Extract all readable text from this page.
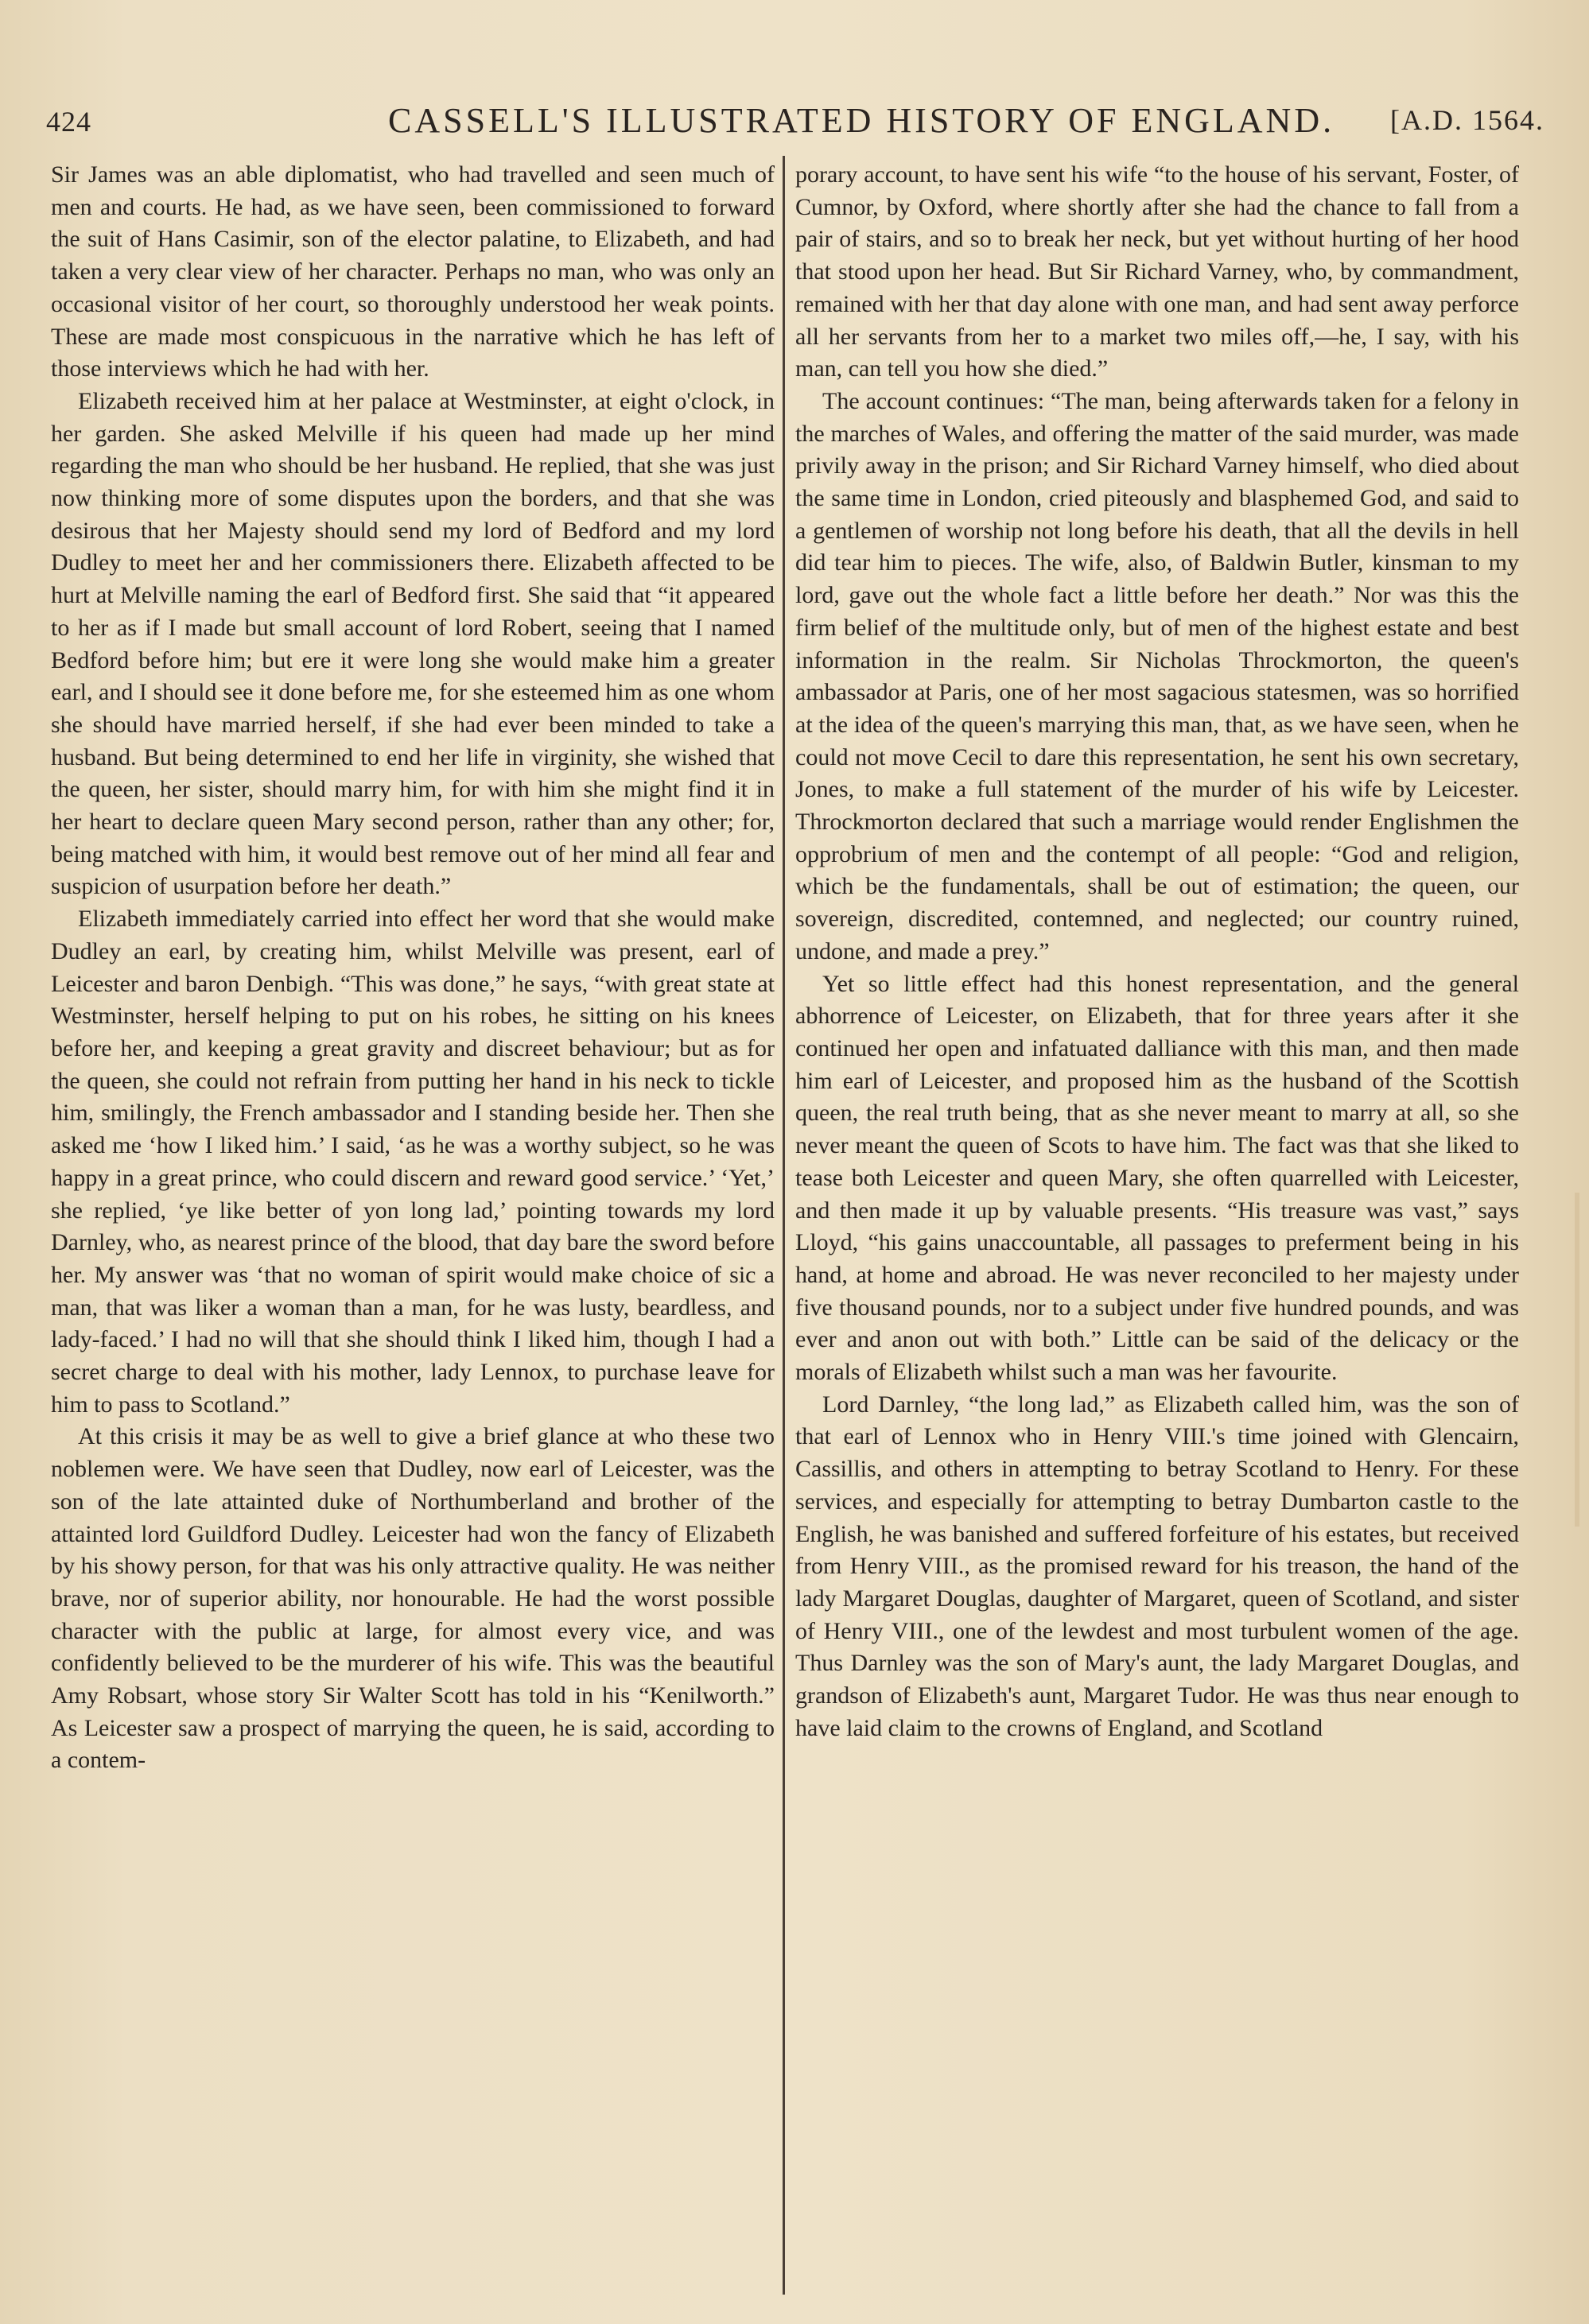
424	CASSELL'S ILLUSTRATED HISTORY OF ENGLAND. [A.D. 1564.

Sir James was an able diplomatist, who had travelled and seen much of men and courts. He had, as we have seen, been commissioned to forward the suit of Hans Casimir, son of the elector palatine, to Elizabeth, and had taken a very clear view of her character. Perhaps no man, who was only an occasional visitor of her court, so thoroughly understood her weak points. These are made most conspicuous in the narrative which he has left of those interviews which he had with her.

Elizabeth received him at her palace at Westminster, at eight o'clock, in her garden. She asked Melville if his queen had made up her mind regarding the man who should be her husband. He replied, that she was just now thinking more of some disputes upon the borders, and that she was desirous that her Majesty should send my lord of Bedford and my lord Dudley to meet her and her commissioners there. Elizabeth affected to be hurt at Melville naming the earl of Bedford first. She said that “it appeared to her as if I made but small account of lord Robert, seeing that I named Bedford before him; but ere it were long she would make him a greater earl, and I should see it done before me, for she esteemed him as one whom she should have married herself, if she had ever been minded to take a husband. But being determined to end her life in virginity, she wished that the queen, her sister, should marry him, for with him she might find it in her heart to declare queen Mary second person, rather than any other; for, being matched with him, it would best remove out of her mind all fear and suspicion of usurpation before her death.”

Elizabeth immediately carried into effect her word that she would make Dudley an earl, by creating him, whilst Melville was present, earl of Leicester and baron Denbigh. “This was done,” he says, “with great state at Westminster, herself helping to put on his robes, he sitting on his knees before her, and keeping a great gravity and discreet behaviour; but as for the queen, she could not refrain from putting her hand in his neck to tickle him, smilingly, the French ambassador and I standing beside her. Then she asked me ‘how I liked him.’ I said, ‘as he was a worthy subject, so he was happy in a great prince, who could discern and reward good service.’ ‘Yet,’ she replied, ‘ye like better of yon long lad,’ pointing towards my lord Darnley, who, as nearest prince of the blood, that day bare the sword before her. My answer was ‘that no woman of spirit would make choice of sic a man, that was liker a woman than a man, for he was lusty, beardless, and lady-faced.’ I had no will that she should think I liked him, though I had a secret charge to deal with his mother, lady Lennox, to purchase leave for him to pass to Scotland.”

At this crisis it may be as well to give a brief glance at who these two noblemen were. We have seen that Dudley, now earl of Leicester, was the son of the late attainted duke of Northumberland and brother of the attainted lord Guildford Dudley. Leicester had won the fancy of Elizabeth by his showy person, for that was his only attractive quality. He was neither brave, nor of superior ability, nor honourable. He had the worst possible character with the public at large, for almost every vice, and was confidently believed to be the murderer of his wife. This was the beautiful Amy Robsart, whose story Sir Walter Scott has told in his “Kenilworth.” As Leicester saw a prospect of marrying the queen, he is said, according to a contem-

porary account, to have sent his wife “to the house of his servant, Foster, of Cumnor, by Oxford, where shortly after she had the chance to fall from a pair of stairs, and so to break her neck, but yet without hurting of her hood that stood upon her head. But Sir Richard Varney, who, by commandment, remained with her that day alone with one man, and had sent away perforce all her servants from her to a market two miles off,—he, I say, with his man, can tell you how she died.”

The account continues: “The man, being afterwards taken for a felony in the marches of Wales, and offering the matter of the said murder, was made privily away in the prison; and Sir Richard Varney himself, who died about the same time in London, cried piteously and blasphemed God, and said to a gentlemen of worship not long before his death, that all the devils in hell did tear him to pieces. The wife, also, of Baldwin Butler, kinsman to my lord, gave out the whole fact a little before her death.” Nor was this the firm belief of the multitude only, but of men of the highest estate and best information in the realm. Sir Nicholas Throckmorton, the queen's ambassador at Paris, one of her most sagacious statesmen, was so horrified at the idea of the queen's marrying this man, that, as we have seen, when he could not move Cecil to dare this representation, he sent his own secretary, Jones, to make a full statement of the murder of his wife by Leicester. Throckmorton declared that such a marriage would render Englishmen the opprobrium of men and the contempt of all people: “God and religion, which be the fundamentals, shall be out of estimation; the queen, our sovereign, discredited, contemned, and neglected; our country ruined, undone, and made a prey.”

Yet so little effect had this honest representation, and the general abhorrence of Leicester, on Elizabeth, that for three years after it she continued her open and infatuated dalliance with this man, and then made him earl of Leicester, and proposed him as the husband of the Scottish queen, the real truth being, that as she never meant to marry at all, so she never meant the queen of Scots to have him. The fact was that she liked to tease both Leicester and queen Mary, she often quarrelled with Leicester, and then made it up by valuable presents. “His treasure was vast,” says Lloyd, “his gains unaccountable, all passages to preferment being in his hand, at home and abroad. He was never reconciled to her majesty under five thousand pounds, nor to a subject under five hundred pounds, and was ever and anon out with both.” Little can be said of the delicacy or the morals of Elizabeth whilst such a man was her favourite.

Lord Darnley, “the long lad,” as Elizabeth called him, was the son of that earl of Lennox who in Henry VIII.'s time joined with Glencairn, Cassillis, and others in attempting to betray Scotland to Henry. For these services, and especially for attempting to betray Dumbarton castle to the English, he was banished and suffered forfeiture of his estates, but received from Henry VIII., as the promised reward for his treason, the hand of the lady Margaret Douglas, daughter of Margaret, queen of Scotland, and sister of Henry VIII., one of the lewdest and most turbulent women of the age. Thus Darnley was the son of Mary's aunt, the lady Margaret Douglas, and grandson of Elizabeth's aunt, Margaret Tudor. He was thus near enough to have laid claim to the crowns of England, and Scotland
